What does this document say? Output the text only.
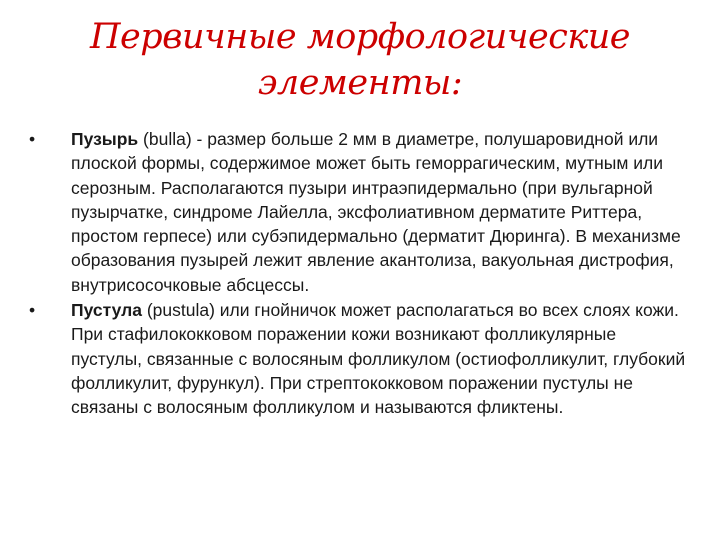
Первичные морфологические
элементы:
•	Пузырь (bulla) - размер больше 2 мм в диаметре, полушаровидной или плоской формы, содержимое может быть геморрагическим, мутным или серозным. Располагаются пузыри интраэпидермально (при вульгарной пузырчатке, синдроме Лайелла, эксфолиативном дерматите Риттера, простом герпесе) или субэпидермально (дерматит Дюринга). В механизме образования пузырей лежит явление акантолиза, вакуольная дистрофия, внутрисосочковые абсцессы.
•	Пустула (pustula) или гнойничок может располагаться во всех слоях кожи. При стафилококковом поражении кожи возникают фолликулярные пустулы, связанные с волосяным фолликулом (остиофолликулит, глубокий фолликулит, фурункул). При стрептококковом поражении пустулы не связаны с волосяным фолликулом и называются фликтены.
